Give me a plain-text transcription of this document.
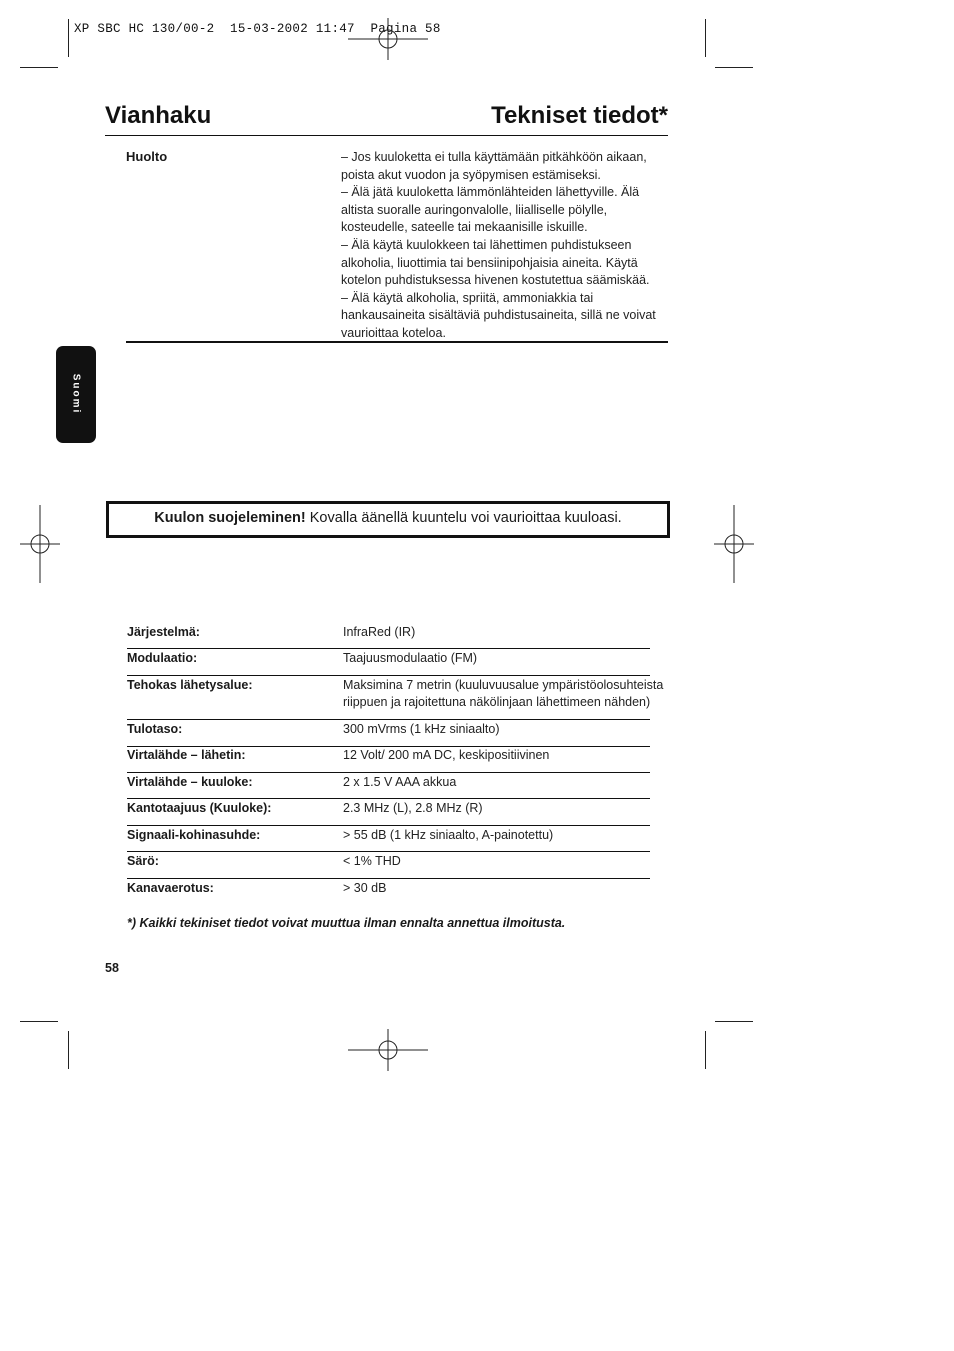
XP SBC HC 130/00-2  15-03-2002 11:47  Pagina 58
Vianhaku	Tekniset tiedot*
Huolto	– Jos kuuloketta ei tulla käyttämään pitkähköön aikaan,
poista akut vuodon ja syöpymisen estämiseksi.
– Älä jätä kuuloketta lämmönlähteiden lähettyville. Älä
altista suoralle auringonvalolle, liialliselle pölylle,
kosteudelle, sateelle tai mekaanisille iskuille.
– Älä käytä kuulokkeen tai lähettimen puhdistukseen
alkoholia, liuottimia tai bensiinipohjaisia aineita. Käytä
kotelon puhdistuksessa hivenen kostutettua säämiskää.
– Älä käytä alkoholia, spriitä, ammoniakkia tai
hankausaineita sisältäviä puhdistusaineita, sillä ne voivat
vaurioittaa koteloa.
Suomi
Kuulon suojeleminen! Kovalla äänellä kuuntelu voi vaurioittaa kuuloasi.
Järjestelmä:	InfraRed (IR)
Modulaatio:	Taajuusmodulaatio (FM)
Tehokas lähetysalue:	Maksimina 7 metrin (kuuluvuusalue ympäristöolosuhteista
riippuen ja rajoitettuna näkölinjaan lähettimeen nähden)
Tulotaso:	300 mVrms (1 kHz siniaalto)
Virtalähde – lähetin:	12 Volt/ 200 mA DC, keskipositiivinen
Virtalähde – kuuloke:	2 x 1.5 V AAA akkua
Kantotaajuus (Kuuloke):	2.3 MHz (L), 2.8 MHz (R)
Signaali-kohinasuhde:	> 55 dB (1 kHz siniaalto, A-painotettu)
Särö:	< 1% THD
Kanavaerotus:	> 30 dB
*) Kaikki tekiniset tiedot voivat muuttua ilman ennalta annettua ilmoitusta.
58
